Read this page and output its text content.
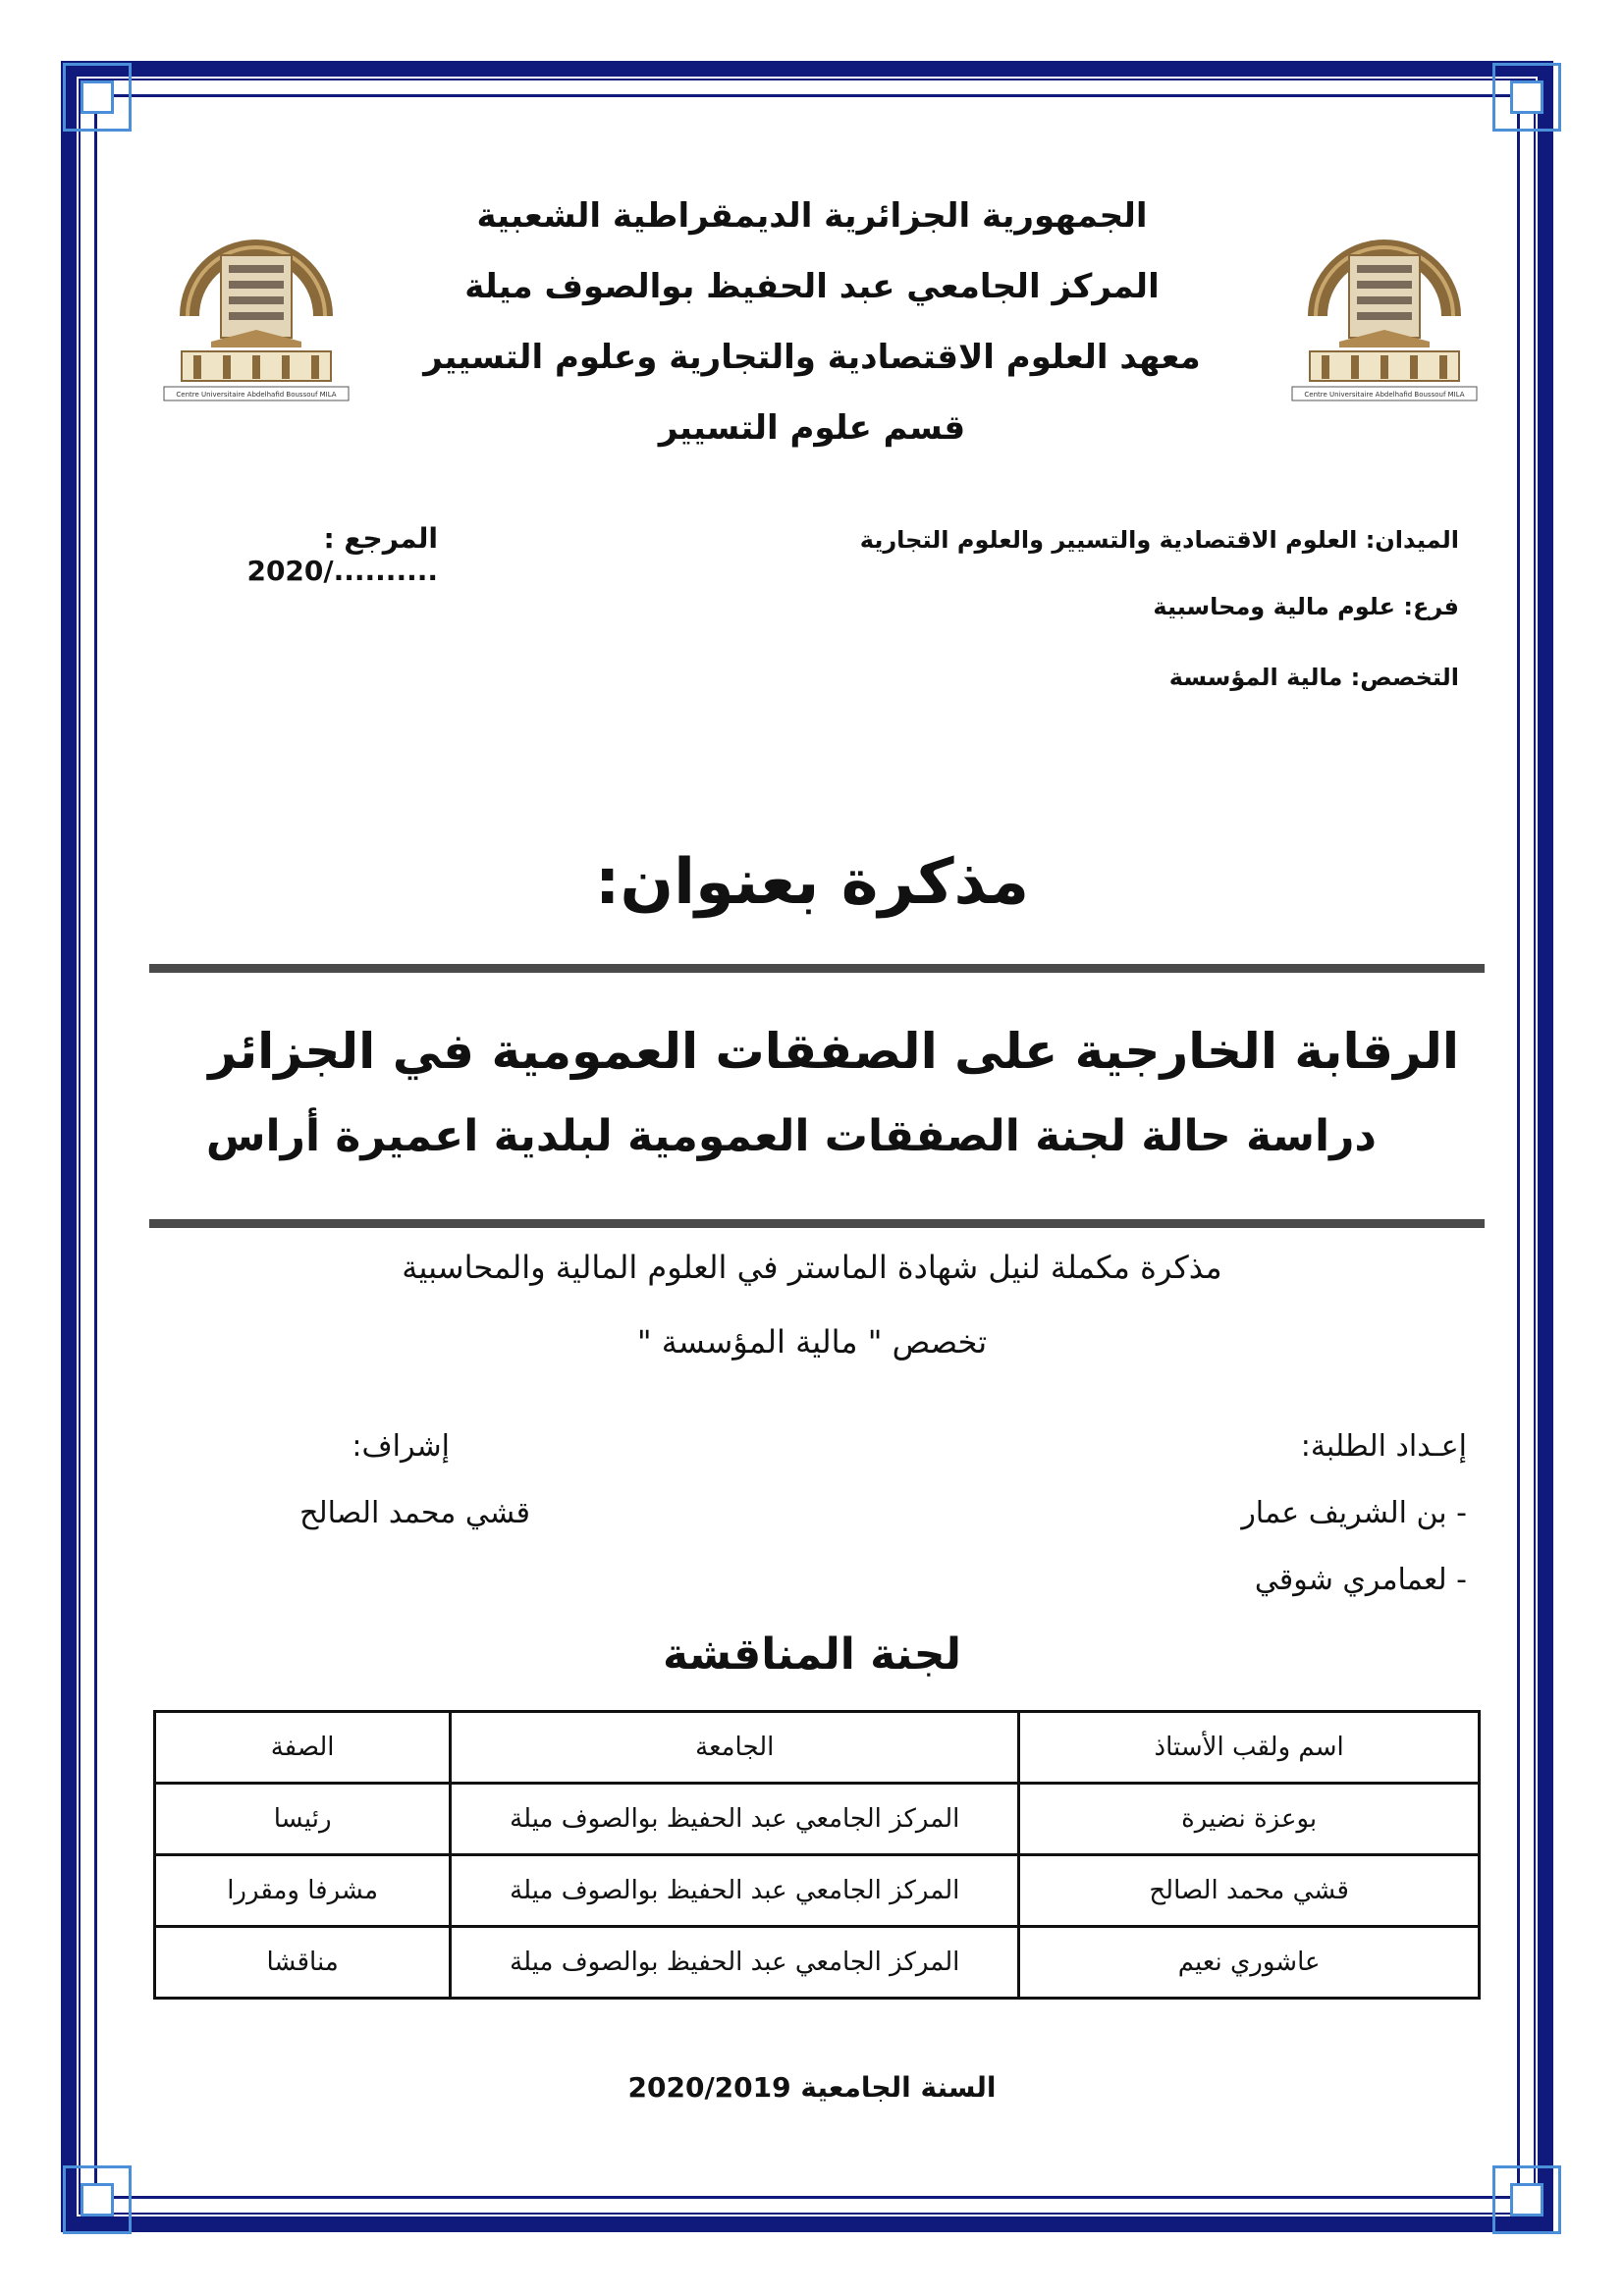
Centre Universitaire Abdelhafid Boussouf MILA	Centre Universitaire Abdelhafid Boussouf MILA
الجمهورية الجزائرية الديمقراطية الشعبية
المركز الجامعي عبد الحفيظ بوالصوف ميلة
معهد العلوم الاقتصادية والتجارية وعلوم التسيير
قسم علوم التسيير
الميدان: العلوم الاقتصادية والتسيير والعلوم التجارية
فرع: علوم مالية ومحاسبية
التخصص: مالية المؤسسة
المرجع : 2020/..........
مذكرة بعنوان:
الرقابة الخارجية على الصفقات العمومية في الجزائر
دراسة حالة لجنة الصفقات العمومية لبلدية اعميرة أراس
مذكرة مكملة لنيل شهادة الماستر في العلوم المالية والمحاسبية
تخصص " مالية المؤسسة "
إعـداد الطلبة:
- بن الشريف عمار
- لعمامري شوقي
إشراف:
قشي محمد الصالح
لجنة المناقشة
اسم ولقب الأستاذ	الجامعة	الصفة
بوعزة نضيرة	المركز الجامعي عبد الحفيظ بوالصوف ميلة	رئيسا
قشي محمد الصالح	المركز الجامعي عبد الحفيظ بوالصوف ميلة	مشرفا ومقررا
عاشوري نعيم	المركز الجامعي عبد الحفيظ بوالصوف ميلة	مناقشا
السنة الجامعية 2020/2019
